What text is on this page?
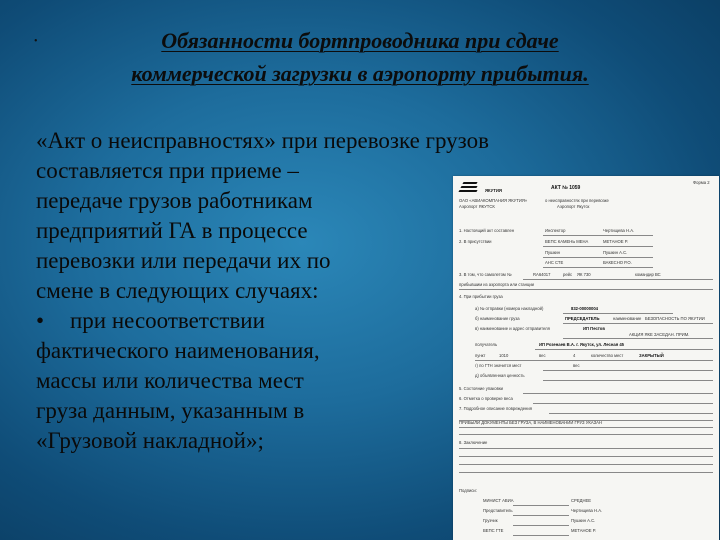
•	Обязанности бортпроводника при сдаче
коммерческой загрузки в аэропорту прибытия.
«Акт о неисправностях» при перевозке грузов
составляется при приеме –
передаче грузов работникам
предприятий ГА в процессе
перевозки или передачи их по
смене в следующих случаях:
• при несоответствии
фактического наименования,
массы или количества мест
груза данным, указанным в
«Грузовой накладной»;
ЯКУТИЯ
Форма 2
АКТ № 1059
ОАО «АВИАКОМПАНИЯ ЯКУТИЯ»
Аэропорт ЯКУТСК
о неисправностях при перевозке
Аэропорт Якутск
1. Настоящий акт составлен	Инспектор	Чертищева Н.А.
2. В присутствии	ВЕПС КАМЕНЬ МЕНА	МЕТАНОЕ Р.
Пушкин	Пушкин А.С.
АНС СТЕ	ВАКЕСНО Р.О.
3. В том, что самолетом №	RA64017	рейс ЯК 730	командир ВС
прибывшим из аэропорта или станции
4. При прибытии груза
а) № отправки (номера накладной)	832-00000004
б) наименование груза	ПРЕДСЕДАТЕЛЬ	наименование БЕЗОПАСНОСТЬ ПО ЯКУТИИ
в) наименование и адрес отправителя	ИП Пестов
АКЦИЯ ЯКЕ ЗАСЕДАН. ПРИМ.
получатель	ИП Розенаев В.А. г. Якутск, ул. Лесная 45
пункт	1010	вес	4	количество мест	ЗАКРЫТЫЙ
г) по ГТН значится мест	вес
д) объявленная ценность
5. Состояние упаковки
6. Отметка о проверке веса
7. Подробное описание повреждения
ПРИБЫЛИ ДОКУМЕНТЫ БЕЗ ГРУЗА, В НАИМЕНОВАНИИ ГРУЗ УКАЗАН
8. Заключение
Подписи:
МИНИСТ АВИА	СРЕДНЕЕ
Представитель	Чертищева Н.А.
Грузчик	Пушкин А.С.
ВЕПС ГТЕ	МЕТАНОЕ Р.
